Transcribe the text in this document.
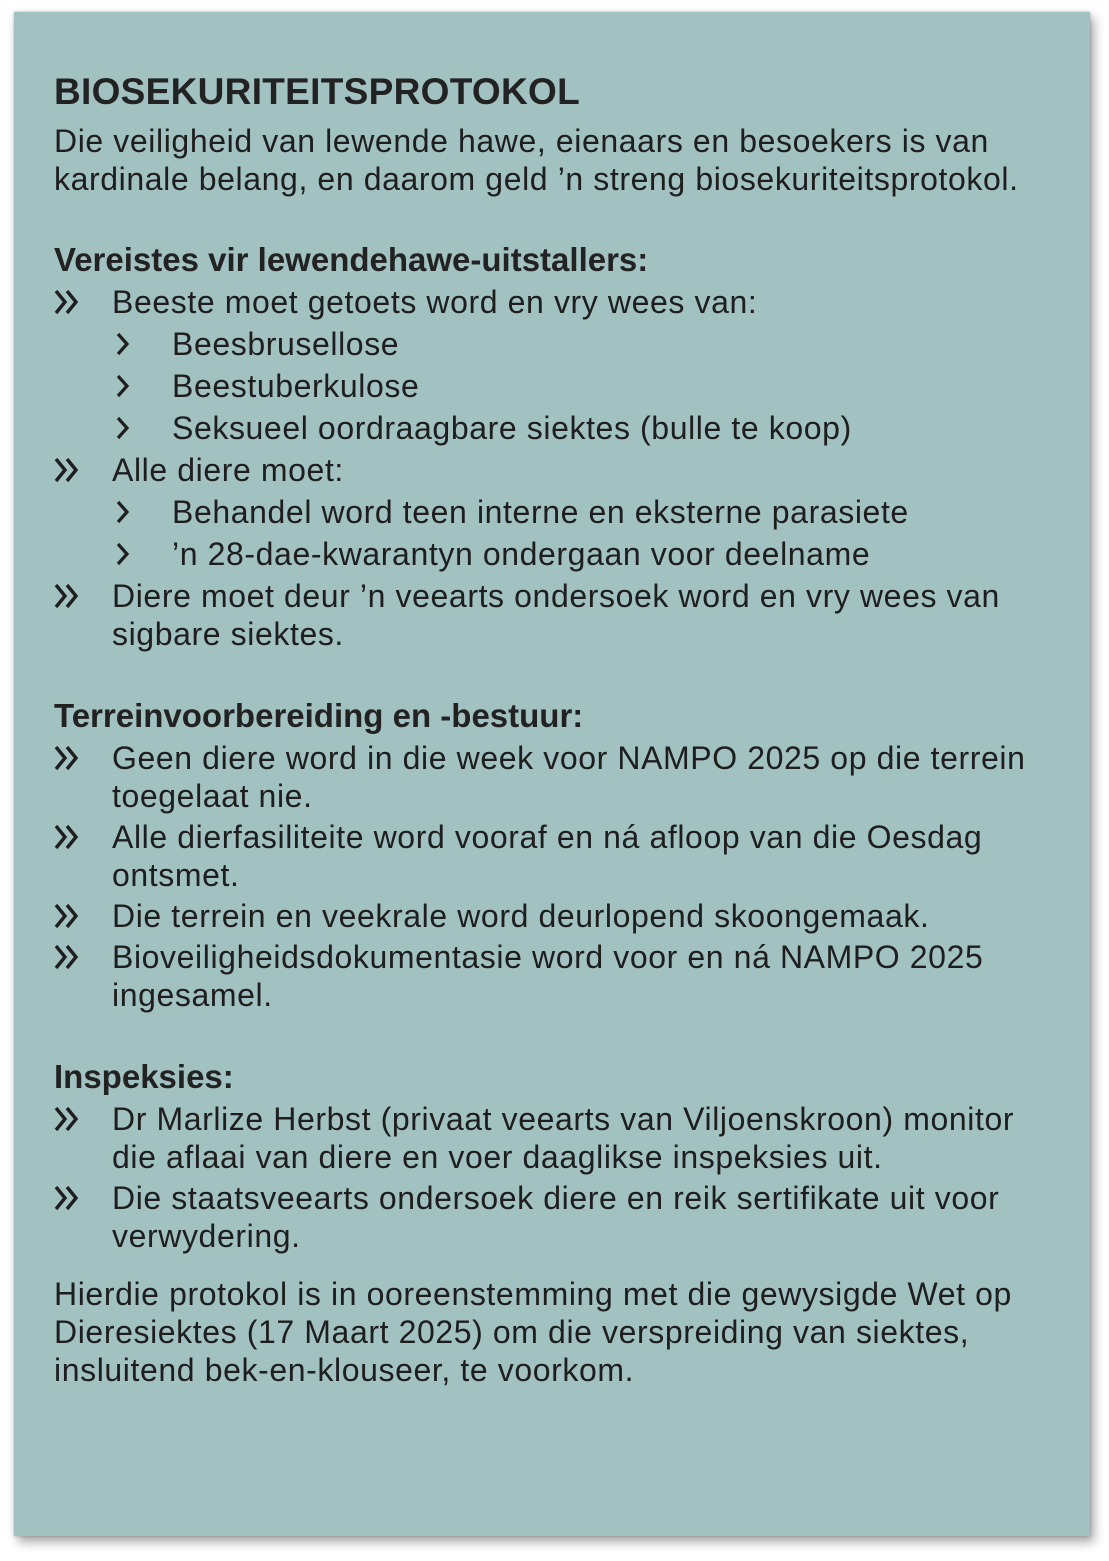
BIOSEKURITEITSPROTOKOL

Die veiligheid van lewende hawe, eienaars en besoekers is van kardinale belang, en daarom geld ’n streng biosekuriteitsprotokol.

Vereistes vir lewendehawe-uitstallers:
Beeste moet getoets word en vry wees van:
Beesbrusellose
Beestuberkulose
Seksueel oordraagbare siektes (bulle te koop)
Alle diere moet:
Behandel word teen interne en eksterne parasiete
’n 28-dae-kwarantyn ondergaan voor deelname
Diere moet deur ’n veearts ondersoek word en vry wees van sigbare siektes.
Terreinvoorbereiding en -bestuur:
Geen diere word in die week voor NAMPO 2025 op die terrein toegelaat nie.
Alle dierfasiliteite word vooraf en ná afloop van die Oesdag ontsmet.
Die terrein en veekrale word deurlopend skoongemaak.
Bioveiligheidsdokumentasie word voor en ná NAMPO 2025 ingesamel.
Inspeksies:
Dr Marlize Herbst (privaat veearts van Viljoenskroon) monitor die aflaai van diere en voer daaglikse inspeksies uit.
Die staatsveearts ondersoek diere en reik sertifikate uit voor verwydering.

Hierdie protokol is in ooreenstemming met die gewysigde Wet op Dieresiektes (17 Maart 2025) om die verspreiding van siektes, insluitend bek-en-klouseer, te voorkom.
